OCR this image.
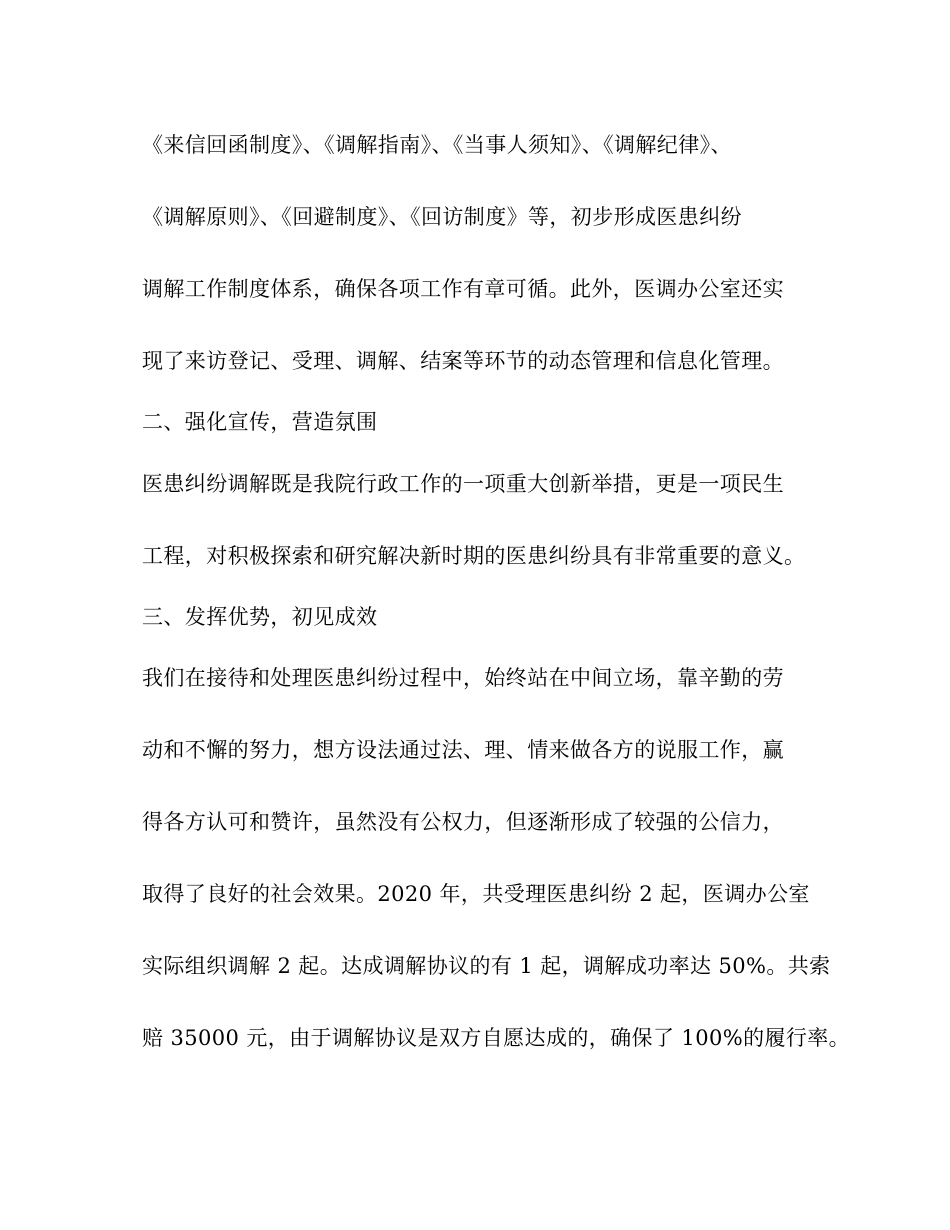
《来信回函制度》、《调解指南》、《当事人须知》、《调解纪律》、
《调解原则》、《回避制度》、《回访制度》等，初步形成医患纠纷
调解工作制度体系，确保各项工作有章可循。此外，医调办公室还实
现了来访登记、受理、调解、结案等环节的动态管理和信息化管理。
二、强化宣传，营造氛围
医患纠纷调解既是我院行政工作的一项重大创新举措，更是一项民生
工程，对积极探索和研究解决新时期的医患纠纷具有非常重要的意义。
三、发挥优势，初见成效
我们在接待和处理医患纠纷过程中，始终站在中间立场，靠辛勤的劳
动和不懈的努力，想方设法通过法、理、情来做各方的说服工作，赢
得各方认可和赞许，虽然没有公权力，但逐渐形成了较强的公信力，
取得了良好的社会效果。2020 年，共受理医患纠纷 2 起，医调办公室
实际组织调解 2 起。达成调解协议的有 1 起，调解成功率达 50%。共索
赔 35000 元，由于调解协议是双方自愿达成的，确保了 100%的履行率。
